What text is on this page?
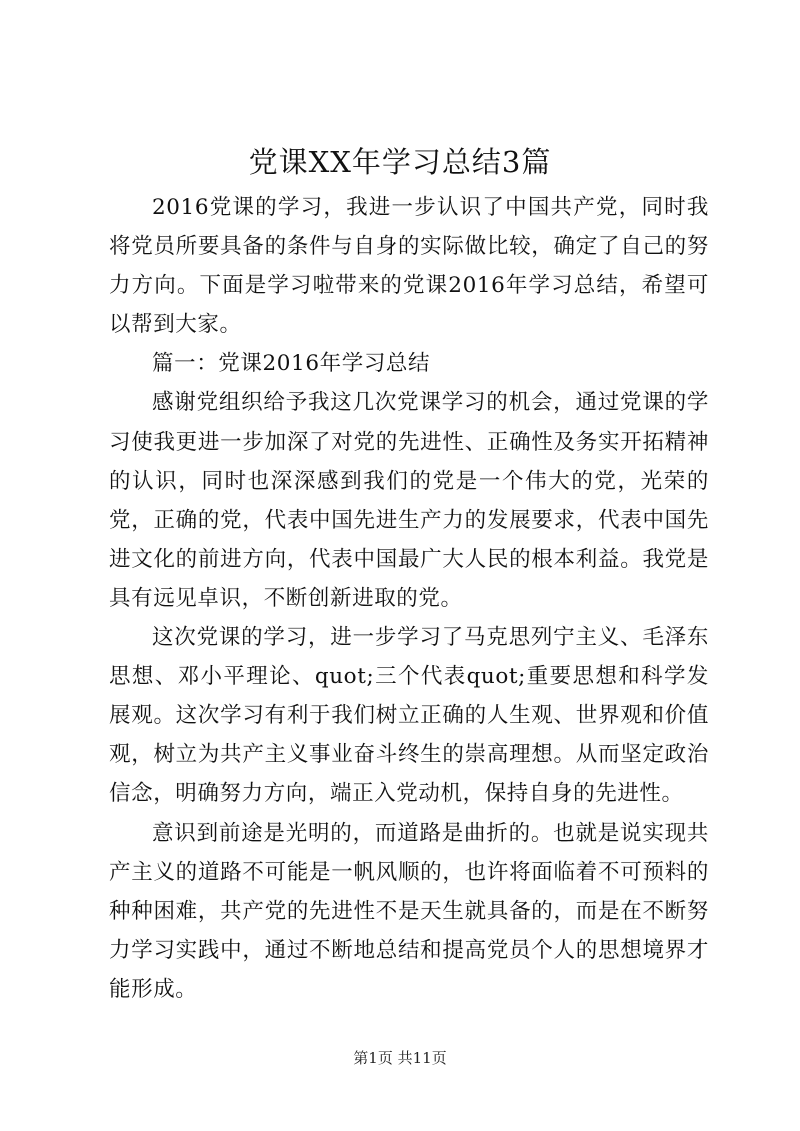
党课XX年学习总结3篇

2016党课的学习，我进一步认识了中国共产党，同时我将党员所要具备的条件与自身的实际做比较，确定了自己的努力方向。下面是学习啦带来的党课2016年学习总结，希望可以帮到大家。

篇一：党课2016年学习总结

感谢党组织给予我这几次党课学习的机会，通过党课的学习使我更进一步加深了对党的先进性、正确性及务实开拓精神的认识，同时也深深感到我们的党是一个伟大的党，光荣的党，正确的党，代表中国先进生产力的发展要求，代表中国先进文化的前进方向，代表中国最广大人民的根本利益。我党是具有远见卓识，不断创新进取的党。

这次党课的学习，进一步学习了马克思列宁主义、毛泽东思想、邓小平理论、quot;三个代表quot;重要思想和科学发展观。这次学习有利于我们树立正确的人生观、世界观和价值观，树立为共产主义事业奋斗终生的崇高理想。从而坚定政治信念，明确努力方向，端正入党动机，保持自身的先进性。

意识到前途是光明的，而道路是曲折的。也就是说实现共产主义的道路不可能是一帆风顺的，也许将面临着不可预料的种种困难，共产党的先进性不是天生就具备的，而是在不断努力学习实践中，通过不断地总结和提高党员个人的思想境界才能形成。

第1页 共11页
